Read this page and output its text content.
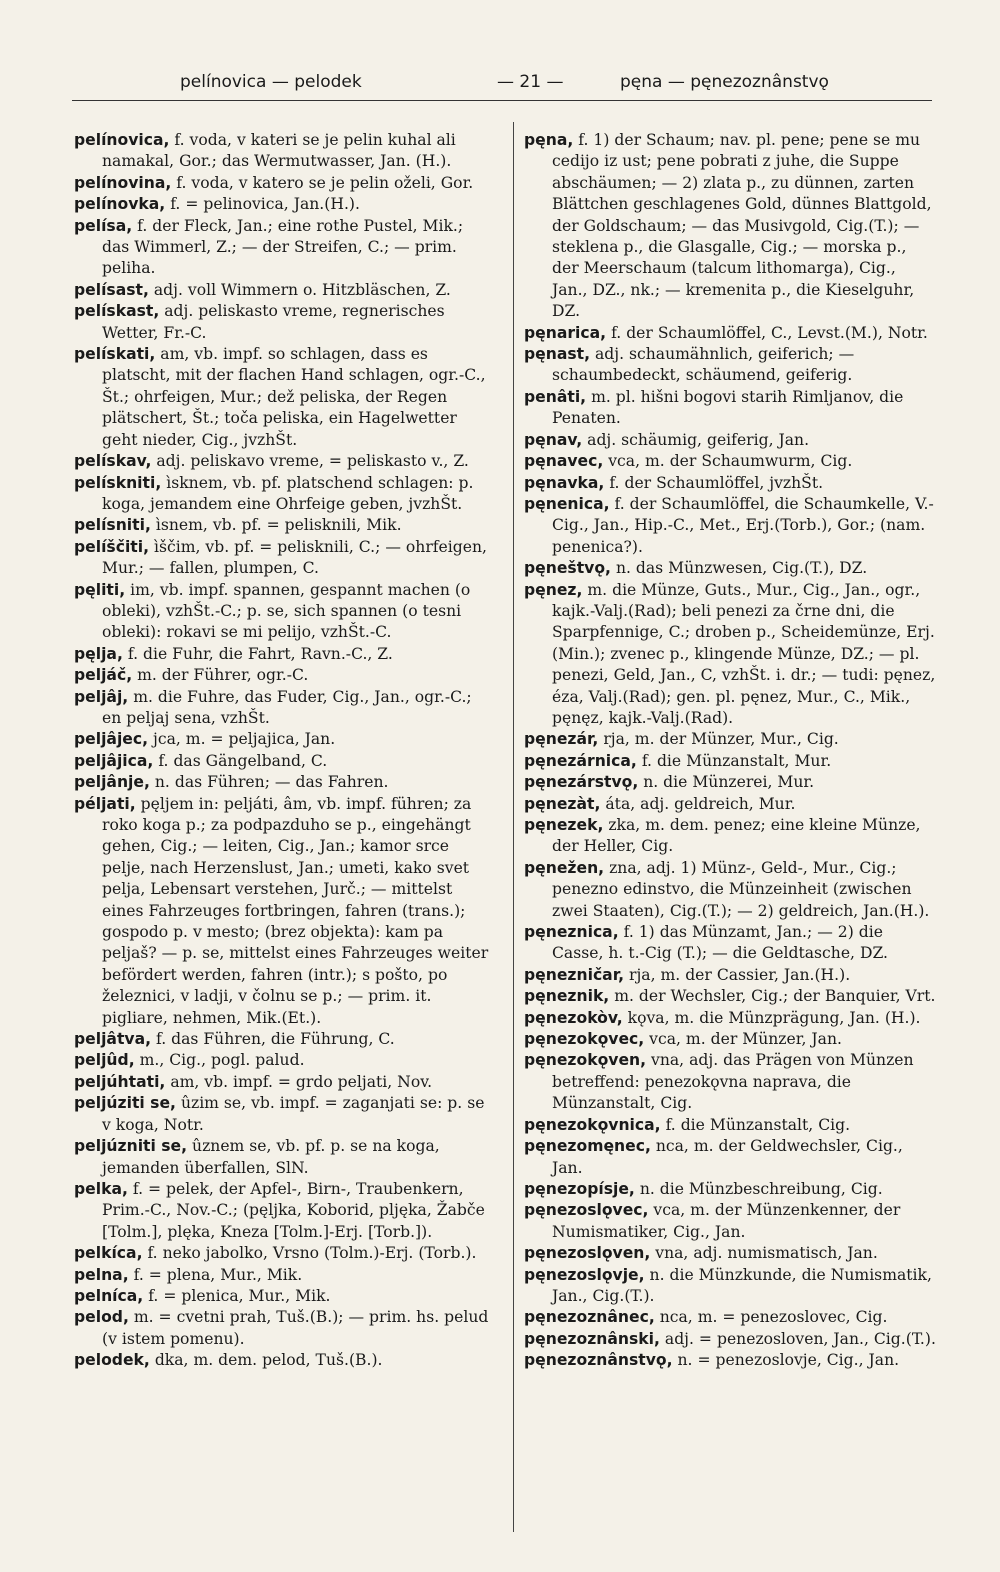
pelínovica — pelodek	— 21 —	pęna — pęnezoznânstvǫ

pelínovica, f. voda, v kateri se je pelin kuhal ali namakal, Gor.; das Wermutwasser, Jan. (H.).

pelínovina, f. voda, v katero se je pelin oželi, Gor.

pelínovka, f. = pelinovica, Jan.(H.).

pelísa, f. der Fleck, Jan.; eine rothe Pustel, Mik.; das Wimmerl, Z.; — der Streifen, C.; — prim. peliha.

pelísast, adj. voll Wimmern o. Hitzbläschen, Z.

pelískast, adj. peliskasto vreme, regnerisches Wetter, Fr.-C.

pelískati, am, vb. impf. so schlagen, dass es platscht, mit der flachen Hand schlagen, ogr.-C., Št.; ohrfeigen, Mur.; dež peliska, der Regen plätschert, Št.; toča peliska, ein Hagelwetter geht nieder, Cig., jvzhŠt.

pelískav, adj. peliskavo vreme, = peliskasto v., Z.

pelískniti, ìsknem, vb. pf. platschend schlagen: p. koga, jemandem eine Ohrfeige geben, jvzhŠt.

pelísniti, ìsnem, vb. pf. = pelisknili, Mik.

pelíščiti, ìščim, vb. pf. = pelisknili, C.; — ohrfeigen, Mur.; — fallen, plumpen, C.

pęliti, im, vb. impf. spannen, gespannt machen (o obleki), vzhŠt.-C.; p. se, sich spannen (o tesni obleki): rokavi se mi pelijo, vzhŠt.-C.

pęlja, f. die Fuhr, die Fahrt, Ravn.-C., Z.

peljáč, m. der Führer, ogr.-C.

peljâj, m. die Fuhre, das Fuder, Cig., Jan., ogr.-C.; en peljaj sena, vzhŠt.

peljâjec, jca, m. = peljajica, Jan.

peljâjica, f. das Gängelband, C.

peljânje, n. das Führen; — das Fahren.

péljati, pęljem in: peljáti, âm, vb. impf. führen; za roko koga p.; za podpazduho se p., eingehängt gehen, Cig.; — leiten, Cig., Jan.; kamor srce pelje, nach Herzenslust, Jan.; umeti, kako svet pelja, Lebensart verstehen, Jurč.; — mittelst eines Fahrzeuges fortbringen, fahren (trans.); gospodo p. v mesto; (brez objekta): kam pa peljaš? — p. se, mittelst eines Fahrzeuges weiter befördert werden, fahren (intr.); s pošto, po železnici, v ladji, v čolnu se p.; — prim. it. pigliare, nehmen, Mik.(Et.).

peljâtva, f. das Führen, die Führung, C.

peljûd, m., Cig., pogl. palud.

peljúhtati, am, vb. impf. = grdo peljati, Nov.

peljúziti se, ûzim se, vb. impf. = zaganjati se: p. se v koga, Notr.

peljúzniti se, ûznem se, vb. pf. p. se na koga, jemanden überfallen, SlN.

pelka, f. = pelek, der Apfel-, Birn-, Traubenkern, Prim.-C., Nov.-C.; (pęljka, Koborid, pljęka, Žabče [Tolm.], plęka, Kneza [Tolm.]-Erj. [Torb.]).

pelkíca, f. neko jabolko, Vrsno (Tolm.)-Erj. (Torb.).

pelna, f. = plena, Mur., Mik.

pelníca, f. = plenica, Mur., Mik.

pelod, m. = cvetni prah, Tuš.(B.); — prim. hs. pelud (v istem pomenu).

pelodek, dka, m. dem. pelod, Tuš.(B.).

pęna, f. 1) der Schaum; nav. pl. pene; pene se mu cedijo iz ust; pene pobrati z juhe, die Suppe abschäumen; — 2) zlata p., zu dünnen, zarten Blättchen geschlagenes Gold, dünnes Blattgold, der Goldschaum; — das Musivgold, Cig.(T.); — steklena p., die Glasgalle, Cig.; — morska p., der Meerschaum (talcum lithomarga), Cig., Jan., DZ., nk.; — kremenita p., die Kieselguhr, DZ.

pęnarica, f. der Schaumlöffel, C., Levst.(M.), Notr.

pęnast, adj. schaumähnlich, geiferich; — schaumbedeckt, schäumend, geiferig.

penâti, m. pl. hišni bogovi starih Rimljanov, die Penaten.

pęnav, adj. schäumig, geiferig, Jan.

pęnavec, vca, m. der Schaumwurm, Cig.

pęnavka, f. der Schaumlöffel, jvzhŠt.

pęnenica, f. der Schaumlöffel, die Schaumkelle, V.-Cig., Jan., Hip.-C., Met., Erj.(Torb.), Gor.; (nam. penenica?).

pęneštvǫ, n. das Münzwesen, Cig.(T.), DZ.

pęnez, m. die Münze, Guts., Mur., Cig., Jan., ogr., kajk.-Valj.(Rad); beli penezi za črne dni, die Sparpfennige, C.; droben p., Scheidemünze, Erj.(Min.); zvenec p., klingende Münze, DZ.; — pl. penezi, Geld, Jan., C, vzhŠt. i. dr.; — tudi: pęnez, éza, Valj.(Rad); gen. pl. pęnez, Mur., C., Mik., pęnęz, kajk.-Valj.(Rad).

pęnezár, rja, m. der Münzer, Mur., Cig.

pęnezárnica, f. die Münzanstalt, Mur.

pęnezárstvǫ, n. die Münzerei, Mur.

pęnezàt, áta, adj. geldreich, Mur.

pęnezek, zka, m. dem. penez; eine kleine Münze, der Heller, Cig.

pęnežen, zna, adj. 1) Münz-, Geld-, Mur., Cig.; penezno edinstvo, die Münzeinheit (zwischen zwei Staaten), Cig.(T.); — 2) geldreich, Jan.(H.).

pęneznica, f. 1) das Münzamt, Jan.; — 2) die Casse, h. t.-Cig (T.); — die Geldtasche, DZ.

pęnezničar, rja, m. der Cassier, Jan.(H.).

pęneznik, m. der Wechsler, Cig.; der Banquier, Vrt.

pęnezokòv, kǫva, m. die Münzprägung, Jan. (H.).

pęnezokǫvec, vca, m. der Münzer, Jan.

pęnezokǫven, vna, adj. das Prägen von Münzen betreffend: penezokǫvna naprava, die Münzanstalt, Cig.

pęnezokǫvnica, f. die Münzanstalt, Cig.

pęnezomęnec, nca, m. der Geldwechsler, Cig., Jan.

pęnezopísje, n. die Münzbeschreibung, Cig.

pęnezoslǫvec, vca, m. der Münzenkenner, der Numismatiker, Cig., Jan.

pęnezoslǫven, vna, adj. numismatisch, Jan.

pęnezoslǫvje, n. die Münzkunde, die Numismatik, Jan., Cig.(T.).

pęnezoznânec, nca, m. = penezoslovec, Cig.

pęnezoznânski, adj. = penezosloven, Jan., Cig.(T.).

pęnezoznânstvǫ, n. = penezoslovje, Cig., Jan.
